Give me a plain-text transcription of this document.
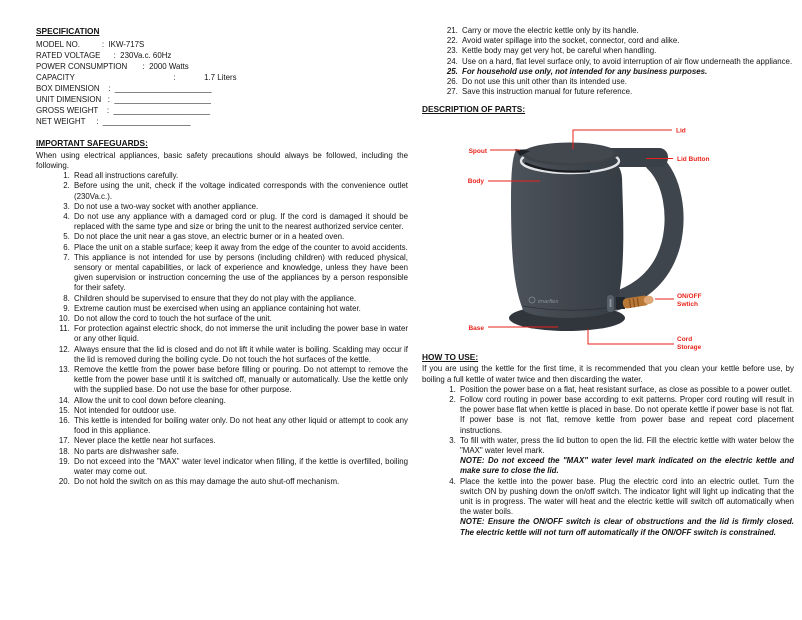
SPECIFICATION
MODEL NO.          :  IKW-717S
RATED VOLTAGE      :  230Va.c. 60Hz
POWER CONSUMPTION       :  2000 Watts
CAPACITY                                             :             1.7 Liters
BOX DIMENSION    :  ______________________
UNIT DIMENSION   :  ______________________
GROSS WEIGHT    :  ______________________
NET WEIGHT     :  ____________________
IMPORTANT SAFEGUARDS:

When using electrical appliances, basic safety precautions should always be followed, including the following.

1. Read all instructions carefully.
2. Before using the unit, check if the voltage indicated corresponds with the convenience outlet (230Va.c.).
3. Do not use a two-way socket with another appliance.
4. Do not use any appliance with a damaged cord or plug. If the cord is damaged it should be replaced with the same type and size or bring the unit to the nearest authorized service center.
5. Do not place the unit near a gas stove, an electric burner or in a heated oven.
6. Place the unit on a stable surface; keep it away from the edge of the counter to avoid accidents.
7. This appliance is not intended for use by persons (including children) with reduced physical, sensory or mental capabilities, or lack of experience and knowledge, unless they have been given supervision or instruction concerning the use of the appliances by a person responsible for their safety.
8. Children should be supervised to ensure that they do not play with the appliance.
9. Extreme caution must be exercised when using an appliance containing hot water.
10. Do not allow the cord to touch the hot surface of the unit.
11. For protection against electric shock, do not immerse the unit including the power base in water or any other liquid.
12. Always ensure that the lid is closed and do not lift it while water is boiling. Scalding may occur if the lid is removed during the boiling cycle. Do not touch the hot surfaces of the kettle.
13. Remove the kettle from the power base before filling or pouring. Do not attempt to remove the kettle from the power base until it is switched off, manually or automatically. Use the kettle only with the supplied base. Do not use the base for other purpose.
14. Allow the unit to cool down before cleaning.
15. Not intended for outdoor use.
16. This kettle is intended for boiling water only. Do not heat any other liquid or attempt to cook any food in this appliance.
17. Never place the kettle near hot surfaces.
18. No parts are dishwasher safe.
19. Do not exceed into the "MAX" water level indicator when filling, if the kettle is overfilled, boiling water may come out.
20. Do not hold the switch on as this may damage the auto shut-off mechanism.
21. Carry or move the electric kettle only by its handle.
22. Avoid water spillage into the socket, connector, cord and alike.
23. Kettle body may get very hot, be careful when handling.
24. Use on a hard, flat level surface only, to avoid interruption of air flow underneath the appliance.
25. For household use only, not intended for any business purposes.
26. Do not use this unit other than its intended use.
27. Save this instruction manual for future reference.
DESCRIPTION OF PARTS:
imarflex
Lid
Spout
Lid Button
Body
ON/OFF
Swtich
Base
Cord
Storage
HOW TO USE:

If you are using the kettle for the first time, it is recommended that you clean your kettle before use, by boiling a full kettle of water twice and then discarding the water.

1. Position the power base on a flat, heat resistant surface, as close as possible to a power outlet.
2. Follow cord routing in power base according to exit patterns. Proper cord routing will result in the power base flat when kettle is placed in base. Do not operate kettle if power base is not flat. If power base is not flat, remove kettle from power base and repeat cord placement instructions.
3. To fill with water, press the lid button to open the lid. Fill the electric kettle with water below the "MAX" water level mark.
NOTE: Do not exceed the "MAX" water level mark indicated on the electric kettle and make sure to close the lid.
4. Place the kettle into the power base. Plug the electric cord into an electric outlet. Turn the switch ON by pushing down the on/off switch. The indicator light will light up indicating that the unit is in progress. The water will heat and the electric kettle will switch off automatically when the water boils.
NOTE: Ensure the ON/OFF switch is clear of obstructions and the lid is firmly closed. The electric kettle will not turn off automatically if the ON/OFF switch is constrained.
